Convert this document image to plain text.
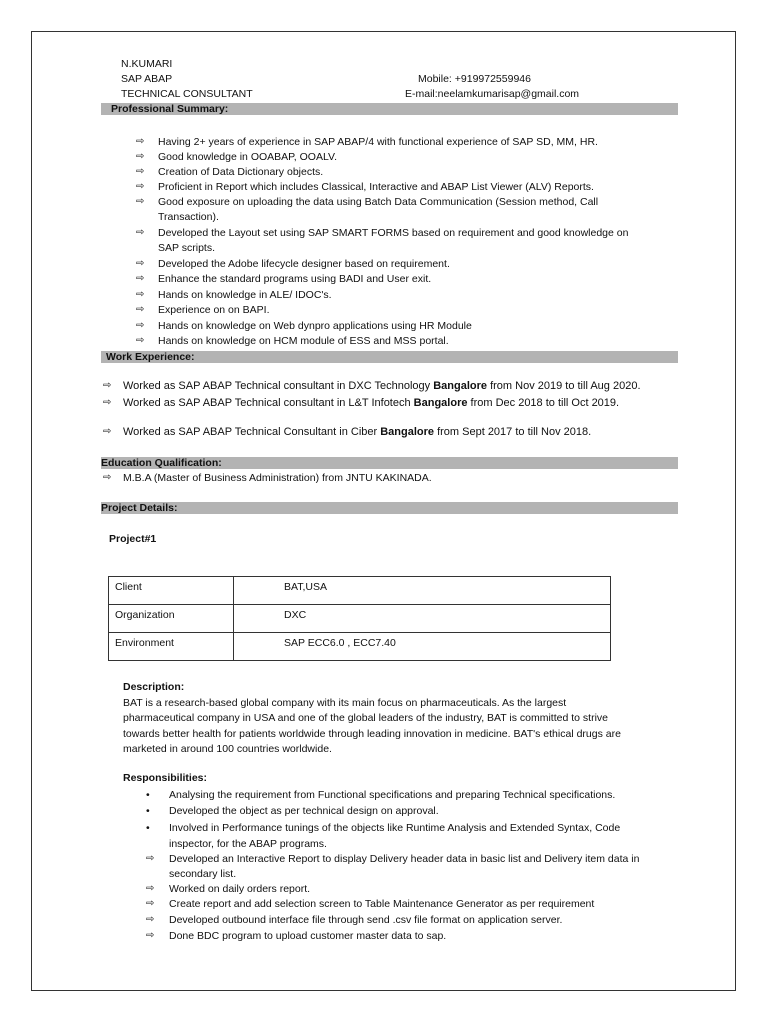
N.KUMARI
SAP ABAP
TECHNICAL CONSULTANT
Mobile: +919972559946
E-mail:neelamkumarisap@gmail.com
Professional Summary:
⇨ Having 2+ years of experience in SAP ABAP/4 with functional experience of SAP SD, MM, HR.
⇨ Good knowledge in OOABAP, OOALV.
⇨ Creation of Data Dictionary objects.
⇨ Proficient in Report which includes Classical, Interactive and ABAP List Viewer (ALV) Reports.
⇨ Good exposure on uploading the data using Batch Data Communication (Session method, Call
Transaction).
⇨ Developed the Layout set using SAP SMART FORMS based on requirement and good knowledge on
SAP scripts.
⇨ Developed the Adobe lifecycle designer based on requirement.
⇨ Enhance the standard programs using BADI and User exit.
⇨ Hands on knowledge in ALE/ IDOC's.
⇨ Experience on on BAPI.
⇨ Hands on knowledge on Web dynpro applications using HR Module
⇨ Hands on knowledge on HCM module of ESS and MSS portal.
Work Experience:
⇨ Worked as SAP ABAP Technical consultant in DXC Technology Bangalore from Nov 2019 to till Aug 2020.
⇨ Worked as SAP ABAP Technical consultant in L&T Infotech Bangalore from Dec 2018 to till Oct 2019.
⇨ Worked as SAP ABAP Technical Consultant in Ciber Bangalore from Sept 2017 to till Nov 2018.
Education Qualification:
⇨ M.B.A (Master of Business Administration) from JNTU KAKINADA.
Project Details:
Project#1
Client	BAT,USA
Organization	DXC
Environment	SAP ECC6.0 , ECC7.40
Description:
BAT is a research-based global company with its main focus on pharmaceuticals. As the largest
pharmaceutical company in USA and one of the global leaders of the industry, BAT is committed to strive
towards better health for patients worldwide through leading innovation in medicine. BAT's ethical drugs are
marketed in around 100 countries worldwide.
Responsibilities:
• Analysing the requirement from Functional specifications and preparing Technical specifications.
• Developed the object as per technical design on approval.
• Involved in Performance tunings of the objects like Runtime Analysis and Extended Syntax, Code
inspector, for the ABAP programs.
⇨ Developed an Interactive Report to display Delivery header data in basic list and Delivery item data in
secondary list.
⇨ Worked on daily orders report.
⇨ Create report and add selection screen to Table Maintenance Generator as per requirement
⇨ Developed outbound interface file through send .csv file format on application server.
⇨ Done BDC program to upload customer master data to sap.
